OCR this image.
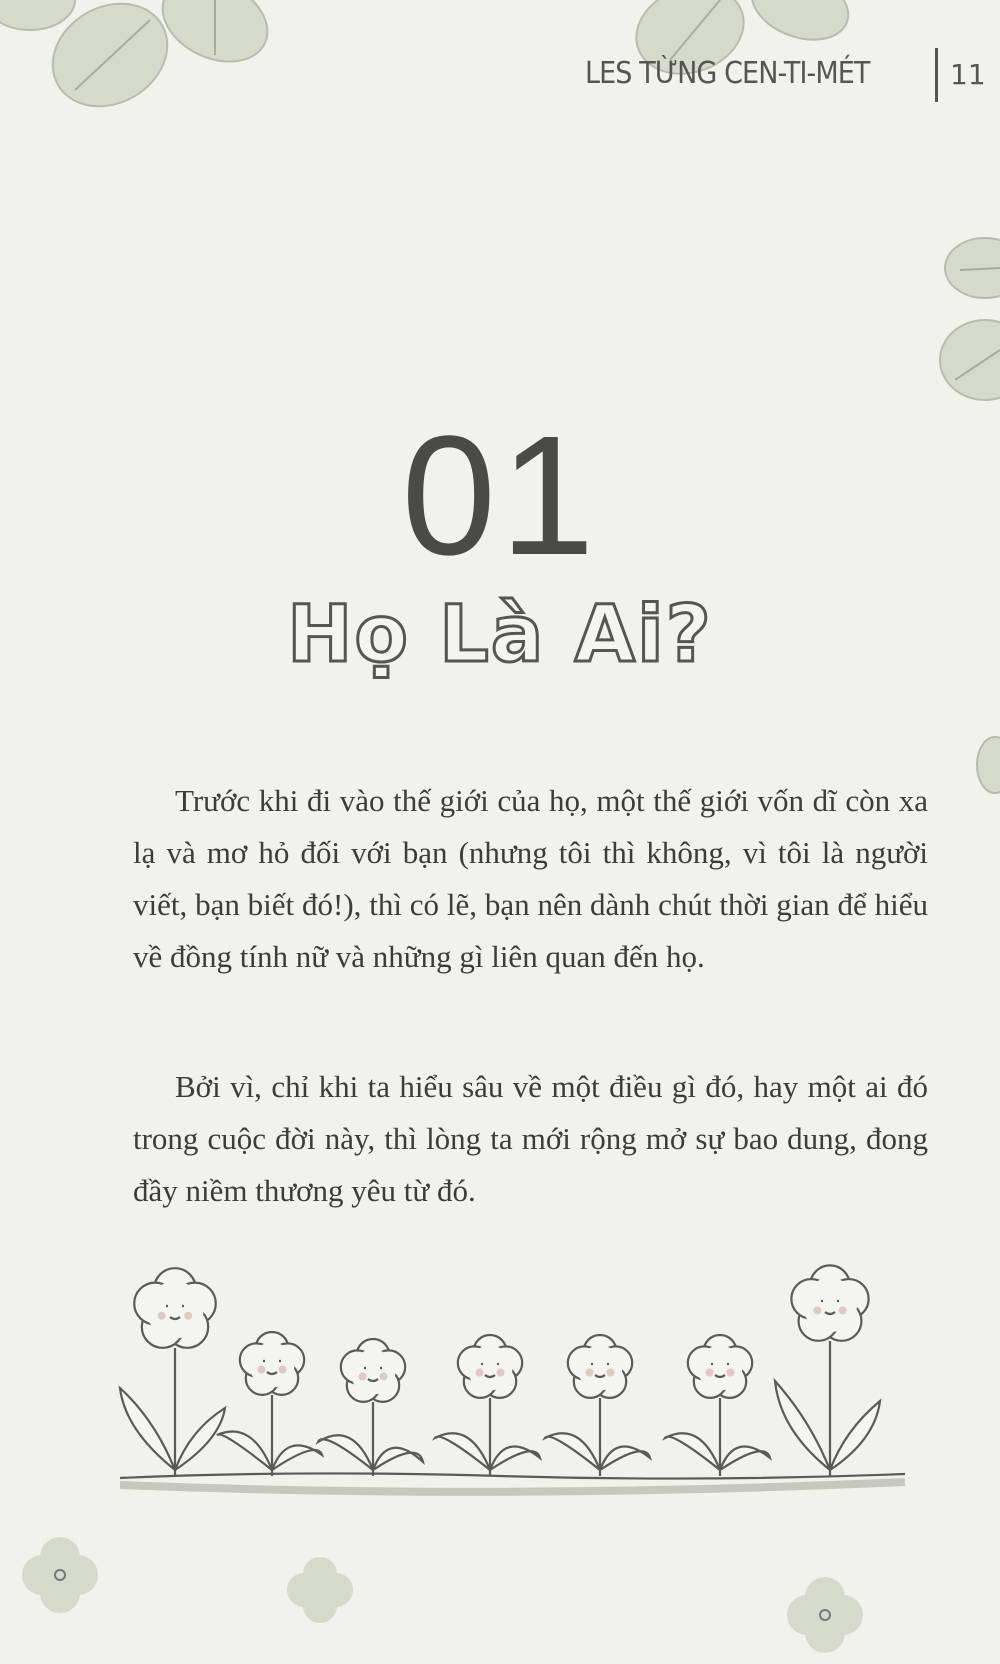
LES TỪNG CEN-TI-MÉT	11
01
Họ Là Ai?

Trước khi đi vào thế giới của họ, một thế giới vốn dĩ còn xa lạ và mơ hỏ đối với bạn (nhưng tôi thì không, vì tôi là người viết, bạn biết đó!), thì có lẽ, bạn nên dành chút thời gian để hiểu về đồng tính nữ và những gì liên quan đến họ.

Bởi vì, chỉ khi ta hiểu sâu về một điều gì đó, hay một ai đó trong cuộc đời này, thì lòng ta mới rộng mở sự bao dung, đong đầy niềm thương yêu từ đó.
